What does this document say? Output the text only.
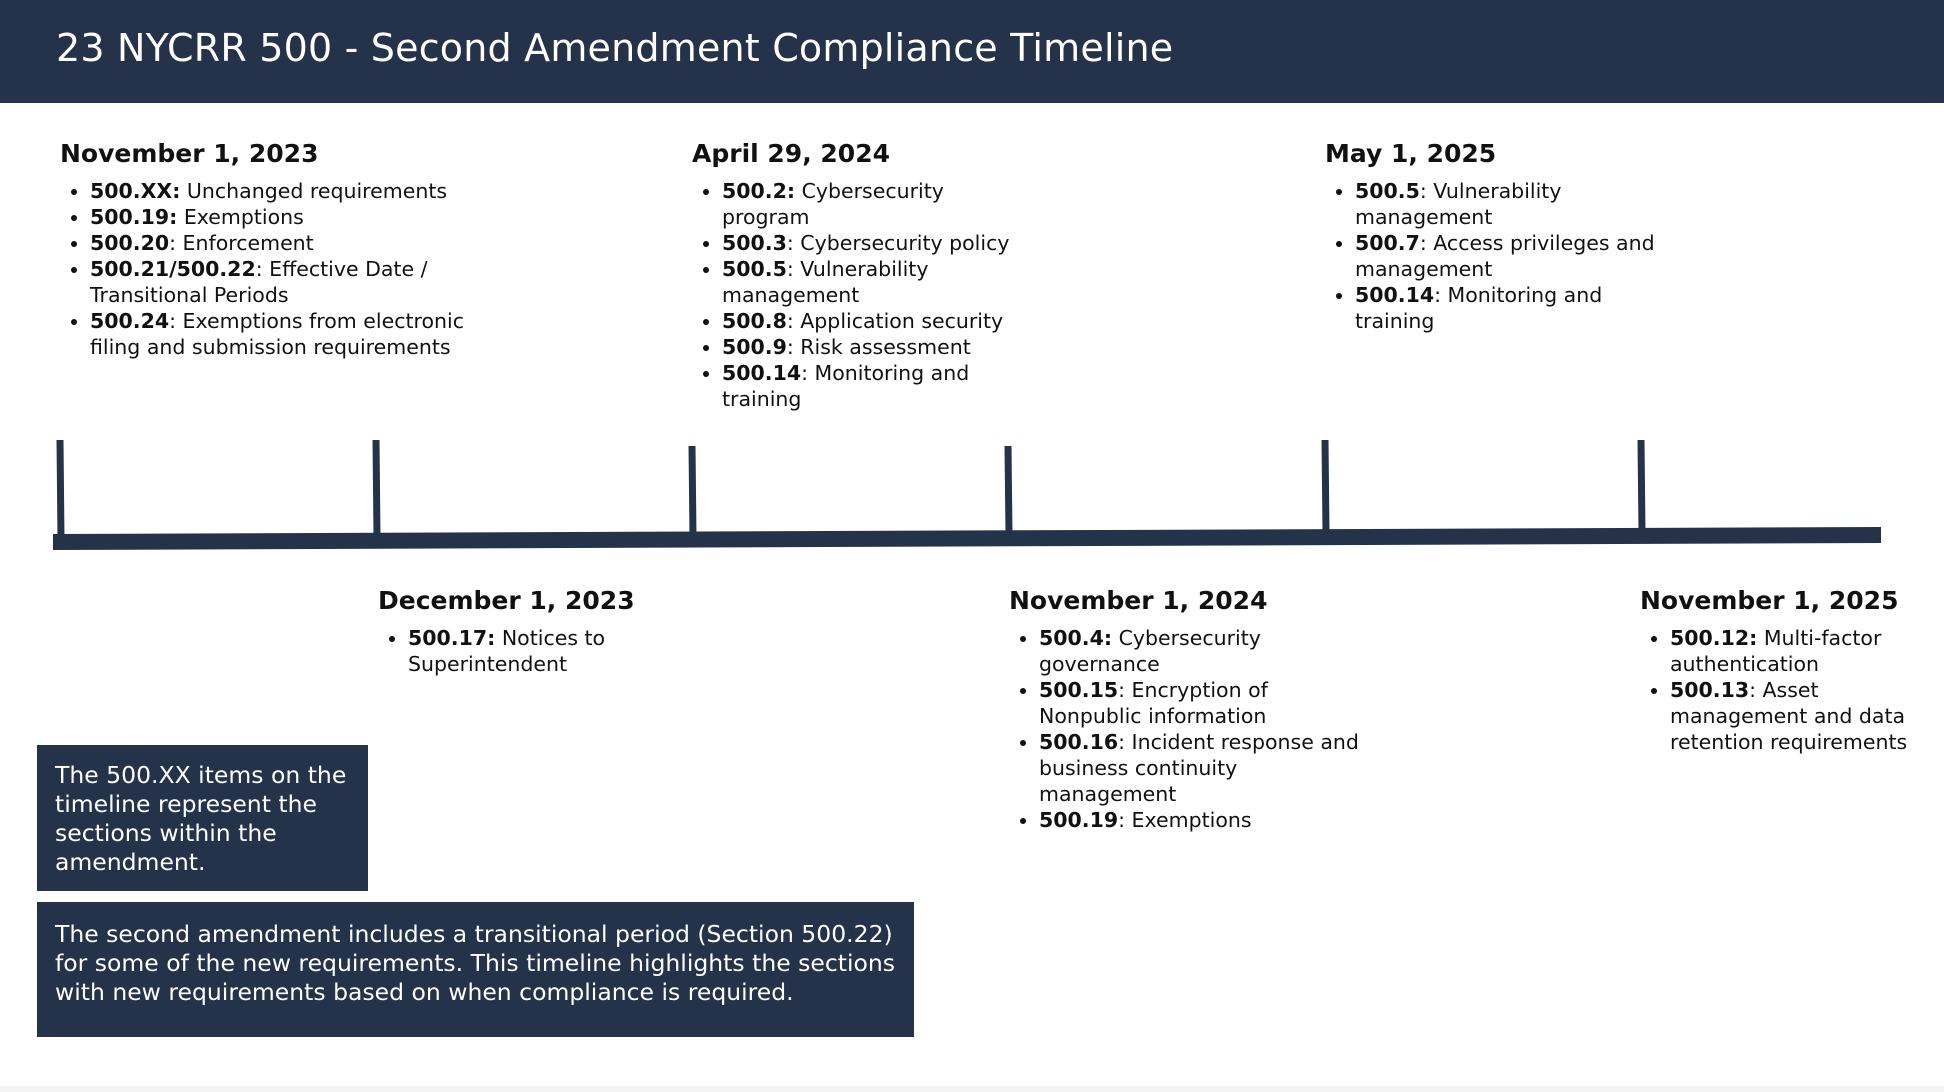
23 NYCRR 500 - Second Amendment Compliance Timeline
November 1, 2023
• 500.XX: Unchanged requirements
• 500.19: Exemptions
• 500.20: Enforcement
• 500.21/500.22: Effective Date / Transitional Periods
• 500.24: Exemptions from electronic filing and submission requirements
April 29, 2024
• 500.2: Cybersecurity program
• 500.3: Cybersecurity policy
• 500.5: Vulnerability management
• 500.8: Application security
• 500.9: Risk assessment
• 500.14: Monitoring and training
May 1, 2025
• 500.5: Vulnerability management
• 500.7: Access privileges and management
• 500.14: Monitoring and training
December 1, 2023
• 500.17: Notices to Superintendent
November 1, 2024
• 500.4: Cybersecurity governance
• 500.15: Encryption of Nonpublic information
• 500.16: Incident response and business continuity management
• 500.19: Exemptions
November 1, 2025
• 500.12: Multi-factor authentication
• 500.13: Asset management and data retention requirements
The 500.XX items on the timeline represent the sections within the amendment.
The second amendment includes a transitional period (Section 500.22) for some of the new requirements. This timeline highlights the sections with new requirements based on when compliance is required.
